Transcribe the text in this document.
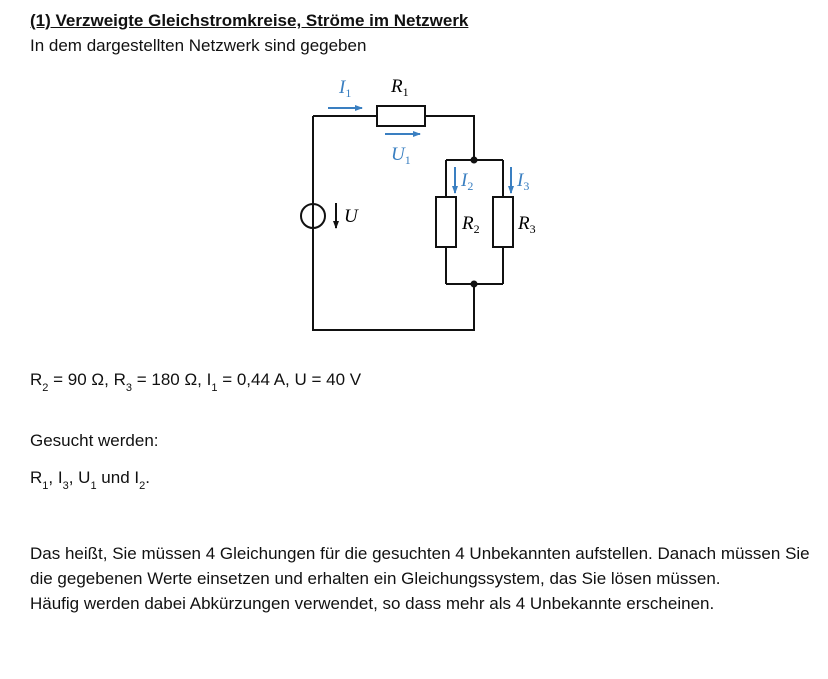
(1) Verzweigte Gleichstromkreise, Ströme im Netzwerk
In dem dargestellten Netzwerk sind gegeben
$I_1$ $R_1$
$U_1$
$I_2$ $I_3$
$R_2$ $R_3$
U
$R_2 = 90$ Ω, $R_3 = 180$ Ω, $I_1 = 0,44$ A, U = 40 V
Gesucht werden:
$R_1$, $I_3$, $U_1$ und $I_2$.

Das heißt, Sie müssen 4 Gleichungen für die gesuchten 4 Unbekannten aufstellen. Danach müssen Sie die gegebenen Werte einsetzen und erhalten ein Gleichungssystem, das Sie lösen müssen.

Häufig werden dabei Abkürzungen verwendet, so dass mehr als 4 Unbekannte erscheinen.
